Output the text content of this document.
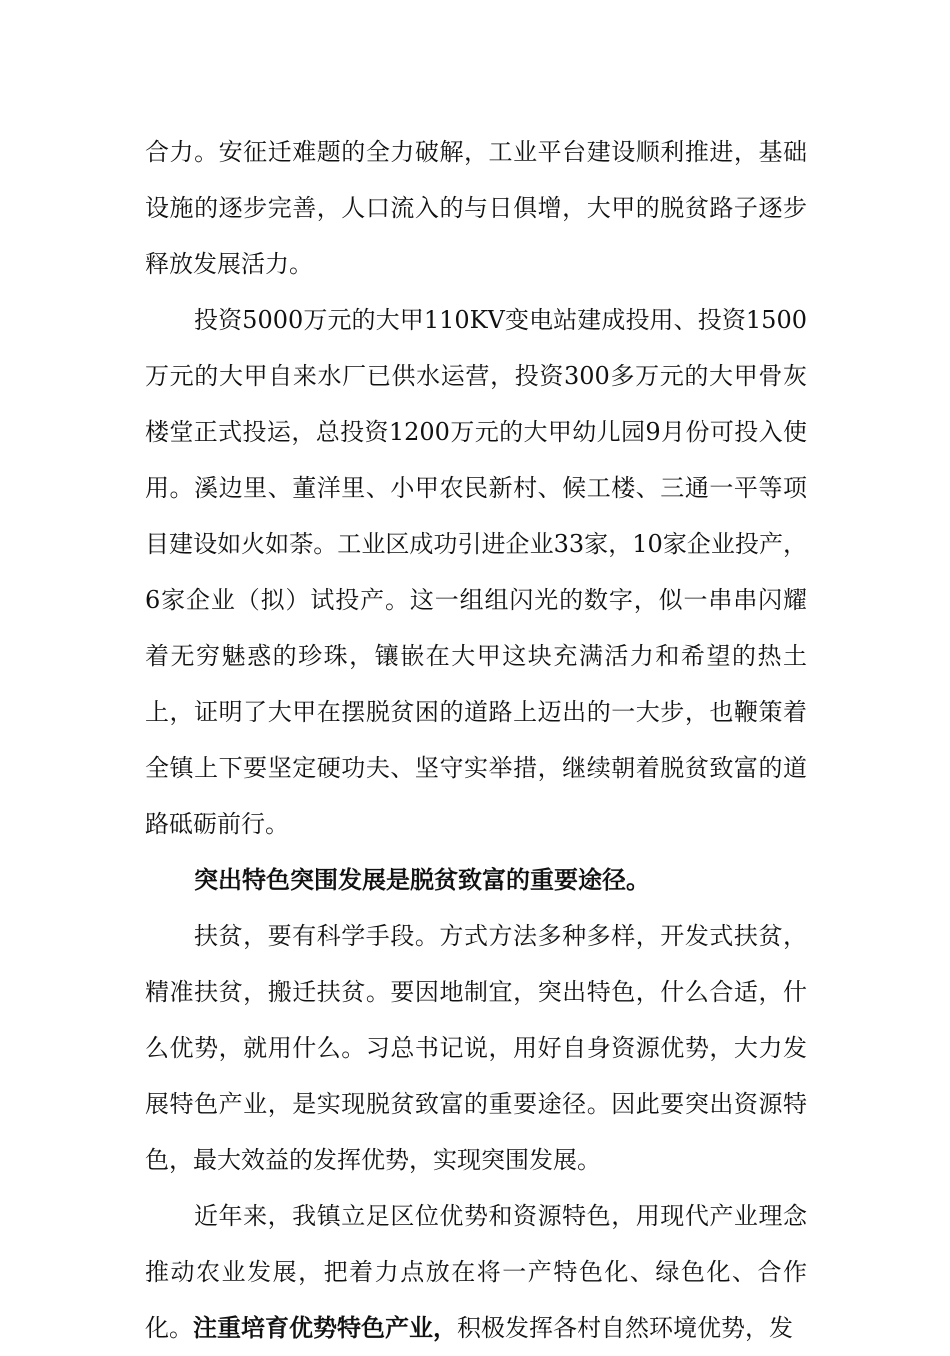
合力。安征迁难题的全力破解，工业平台建设顺利推进，基础设施的逐步完善，人口流入的与日俱增，大甲的脱贫路子逐步释放发展活力。

投资5000万元的大甲110KV变电站建成投用、投资1500万元的大甲自来水厂已供水运营，投资300多万元的大甲骨灰楼堂正式投运，总投资1200万元的大甲幼儿园9月份可投入使用。溪边里、董洋里、小甲农民新村、候工楼、三通一平等项目建设如火如荼。工业区成功引进企业33家，10家企业投产，6家企业（拟）试投产。这一组组闪光的数字，似一串串闪耀着无穷魅惑的珍珠，镶嵌在大甲这块充满活力和希望的热土上，证明了大甲在摆脱贫困的道路上迈出的一大步，也鞭策着全镇上下要坚定硬功夫、坚守实举措，继续朝着脱贫致富的道路砥砺前行。

突出特色突围发展是脱贫致富的重要途径。

扶贫，要有科学手段。方式方法多种多样，开发式扶贫，精准扶贫，搬迁扶贫。要因地制宜，突出特色，什么合适，什么优势，就用什么。习总书记说，用好自身资源优势，大力发展特色产业，是实现脱贫致富的重要途径。因此要突出资源特色，最大效益的发挥优势，实现突围发展。

近年来，我镇立足区位优势和资源特色，用现代产业理念推动农业发展，把着力点放在将一产特色化、绿色化、合作化。注重培育优势特色产业，积极发挥各村自然环境优势，发
